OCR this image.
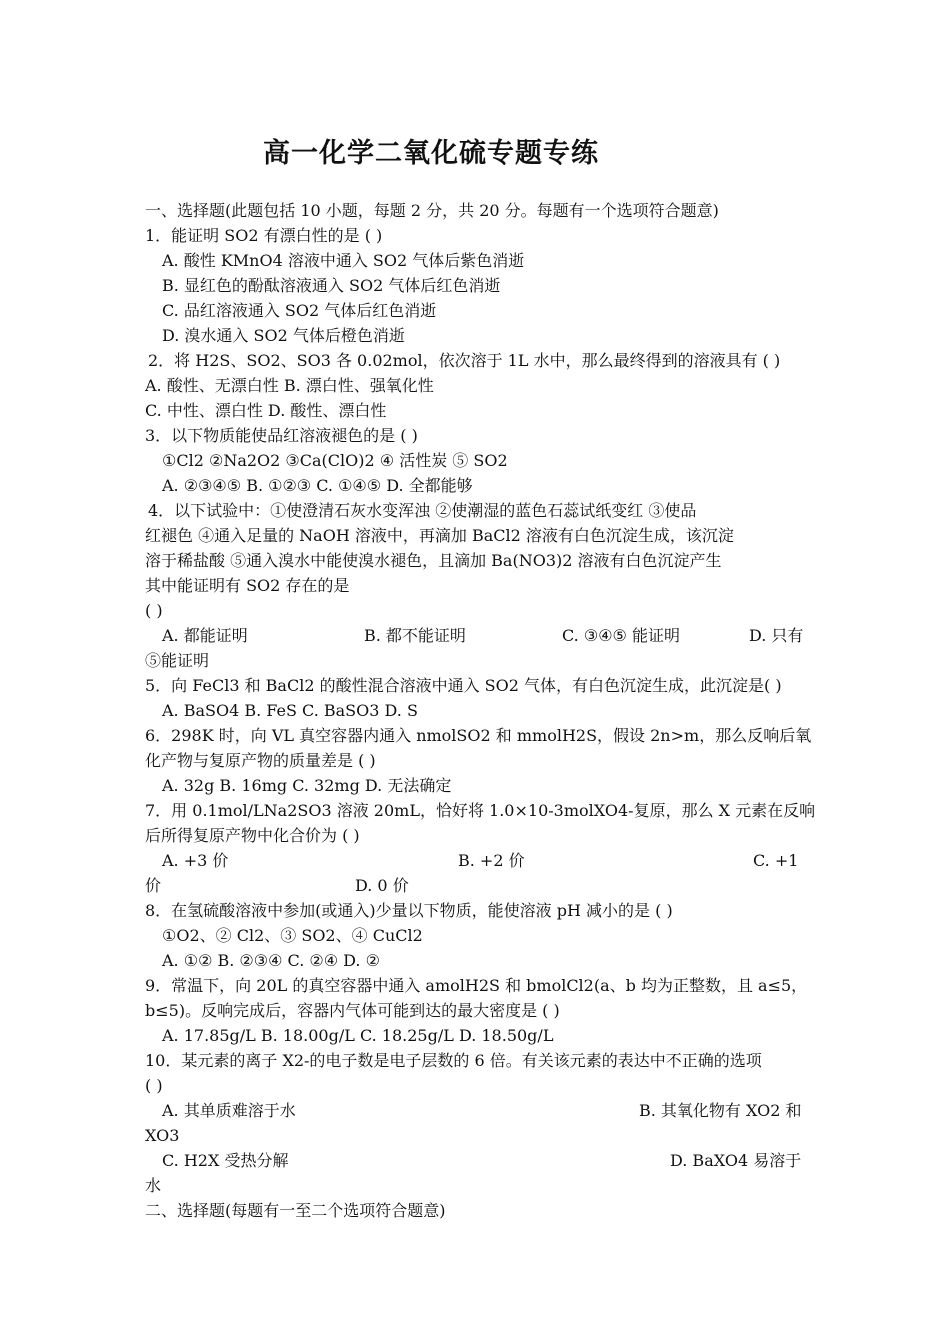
高一化学二氧化硫专题专练
一、选择题(此题包括 10 小题，每题 2 分，共 20 分。每题有一个选项符合题意)
1．能证明 SO2 有漂白性的是 ( )
A. 酸性 KMnO4 溶液中通入 SO2 气体后紫色消逝
B. 显红色的酚酞溶液通入 SO2 气体后红色消逝
C. 品红溶液通入 SO2 气体后红色消逝
D. 溴水通入 SO2 气体后橙色消逝
2．将 H2S、SO2、SO3 各 0.02mol，依次溶于 1L 水中，那么最终得到的溶液具有 ( )
A. 酸性、无漂白性 B. 漂白性、强氧化性
C. 中性、漂白性 D. 酸性、漂白性
3．以下物质能使品红溶液褪色的是 ( )
①Cl2 ②Na2O2 ③Ca(ClO)2 ④ 活性炭 ⑤ SO2
A. ②③④⑤ B. ①②③ C. ①④⑤ D. 全都能够
4．以下试验中：①使澄清石灰水变浑浊 ②使潮湿的蓝色石蕊试纸变红 ③使品
红褪色 ④通入足量的 NaOH 溶液中，再滴加 BaCl2 溶液有白色沉淀生成，该沉淀
溶于稀盐酸 ⑤通入溴水中能使溴水褪色，且滴加 Ba(NO3)2 溶液有白色沉淀产生
其中能证明有 SO2 存在的是
( )
A. 都能证明	B. 都不能证明	C. ③④⑤ 能证明	D. 只有
⑤能证明
5．向 FeCl3 和 BaCl2 的酸性混合溶液中通入 SO2 气体，有白色沉淀生成，此沉淀是( )
A. BaSO4 B. FeS C. BaSO3 D. S
6．298K 时，向 VL 真空容器内通入 nmolSO2 和 mmolH2S，假设 2n>m，那么反响后氧
化产物与复原产物的质量差是 ( )
A. 32g B. 16mg C. 32mg D. 无法确定
7．用 0.1mol/LNa2SO3 溶液 20mL，恰好将 1.0×10-3molXO4-复原，那么 X 元素在反响
后所得复原产物中化合价为 ( )
A. +3 价	B. +2 价	C. +1
价	D. 0 价
8．在氢硫酸溶液中参加(或通入)少量以下物质，能使溶液 pH 减小的是 ( )
①O2、② Cl2、③ SO2、④ CuCl2
A. ①② B. ②③④ C. ②④ D. ②
9．常温下，向 20L 的真空容器中通入 amolH2S 和 bmolCl2(a、b 均为正整数，且 a≤5，
b≤5)。反响完成后，容器内气体可能到达的最大密度是 ( )
A. 17.85g/L B. 18.00g/L C. 18.25g/L D. 18.50g/L
10．某元素的离子 X2-的电子数是电子层数的 6 倍。有关该元素的表达中不正确的选项
( )
A. 其单质难溶于水	B. 其氧化物有 XO2 和
XO3
C. H2X 受热分解	D. BaXO4 易溶于
水
二、选择题(每题有一至二个选项符合题意)
